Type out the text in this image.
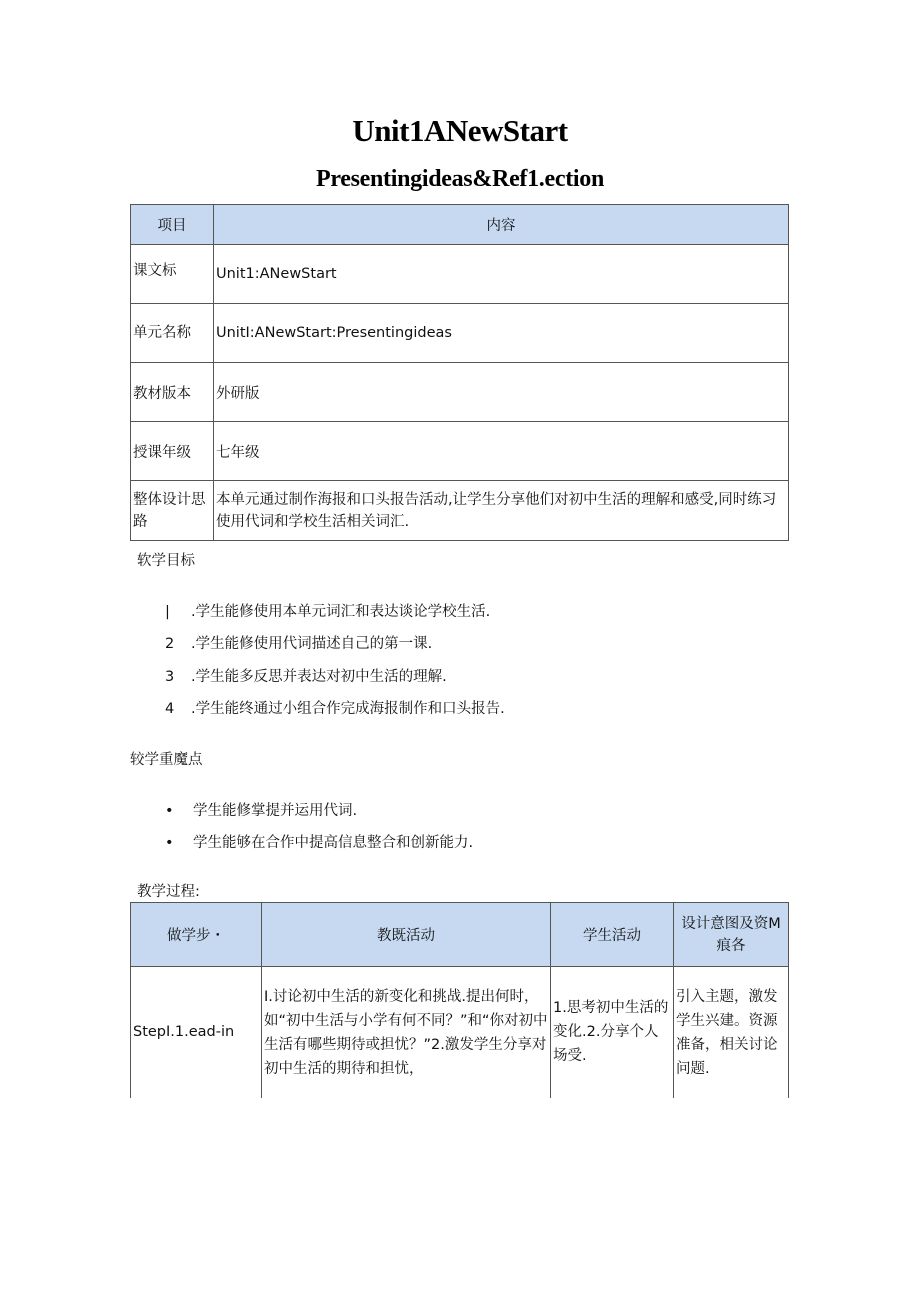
Unit1ANewStart
Presentingideas&Ref1.ection
项目	内容
课文标	Unit1:ANewStart
单元名称	UnitI:ANewStart:Presentingideas
教材版本	外研版
授课年级	七年级
整体设计思路	本单元通过制作海报和口头报告活动,让学生分享他们对初中生活的理解和感受,同时练习使用代词和学校生活相关词汇.
软学目标
| .学生能修使用本单元词汇和表达谈论学校生活.
2 .学生能修使用代词描述自己的第一课.
3 .学生能多反思并表达对初中生活的理解.
4 .学生能终通过小组合作完成海报制作和口头报告.
较学重魔点
• 学生能修掌提并运用代词.
• 学生能够在合作中提高信息整合和创新能力.
教学过程:
做学步・	教既活动	学生活动	设计意图及资M痕各
StepI.1.ead-in	I.讨论初中生活的新变化和挑战.提出何时，如“初中生活与小学有何不同？”和“你对初中生活有哪些期待或担忧？”2.激发学生分享对初中生活的期待和担忧，	1.思考初中生活的变化.2.分享个人场受.	引入主题，激发学生兴建。资源准备，相关讨论问题.
